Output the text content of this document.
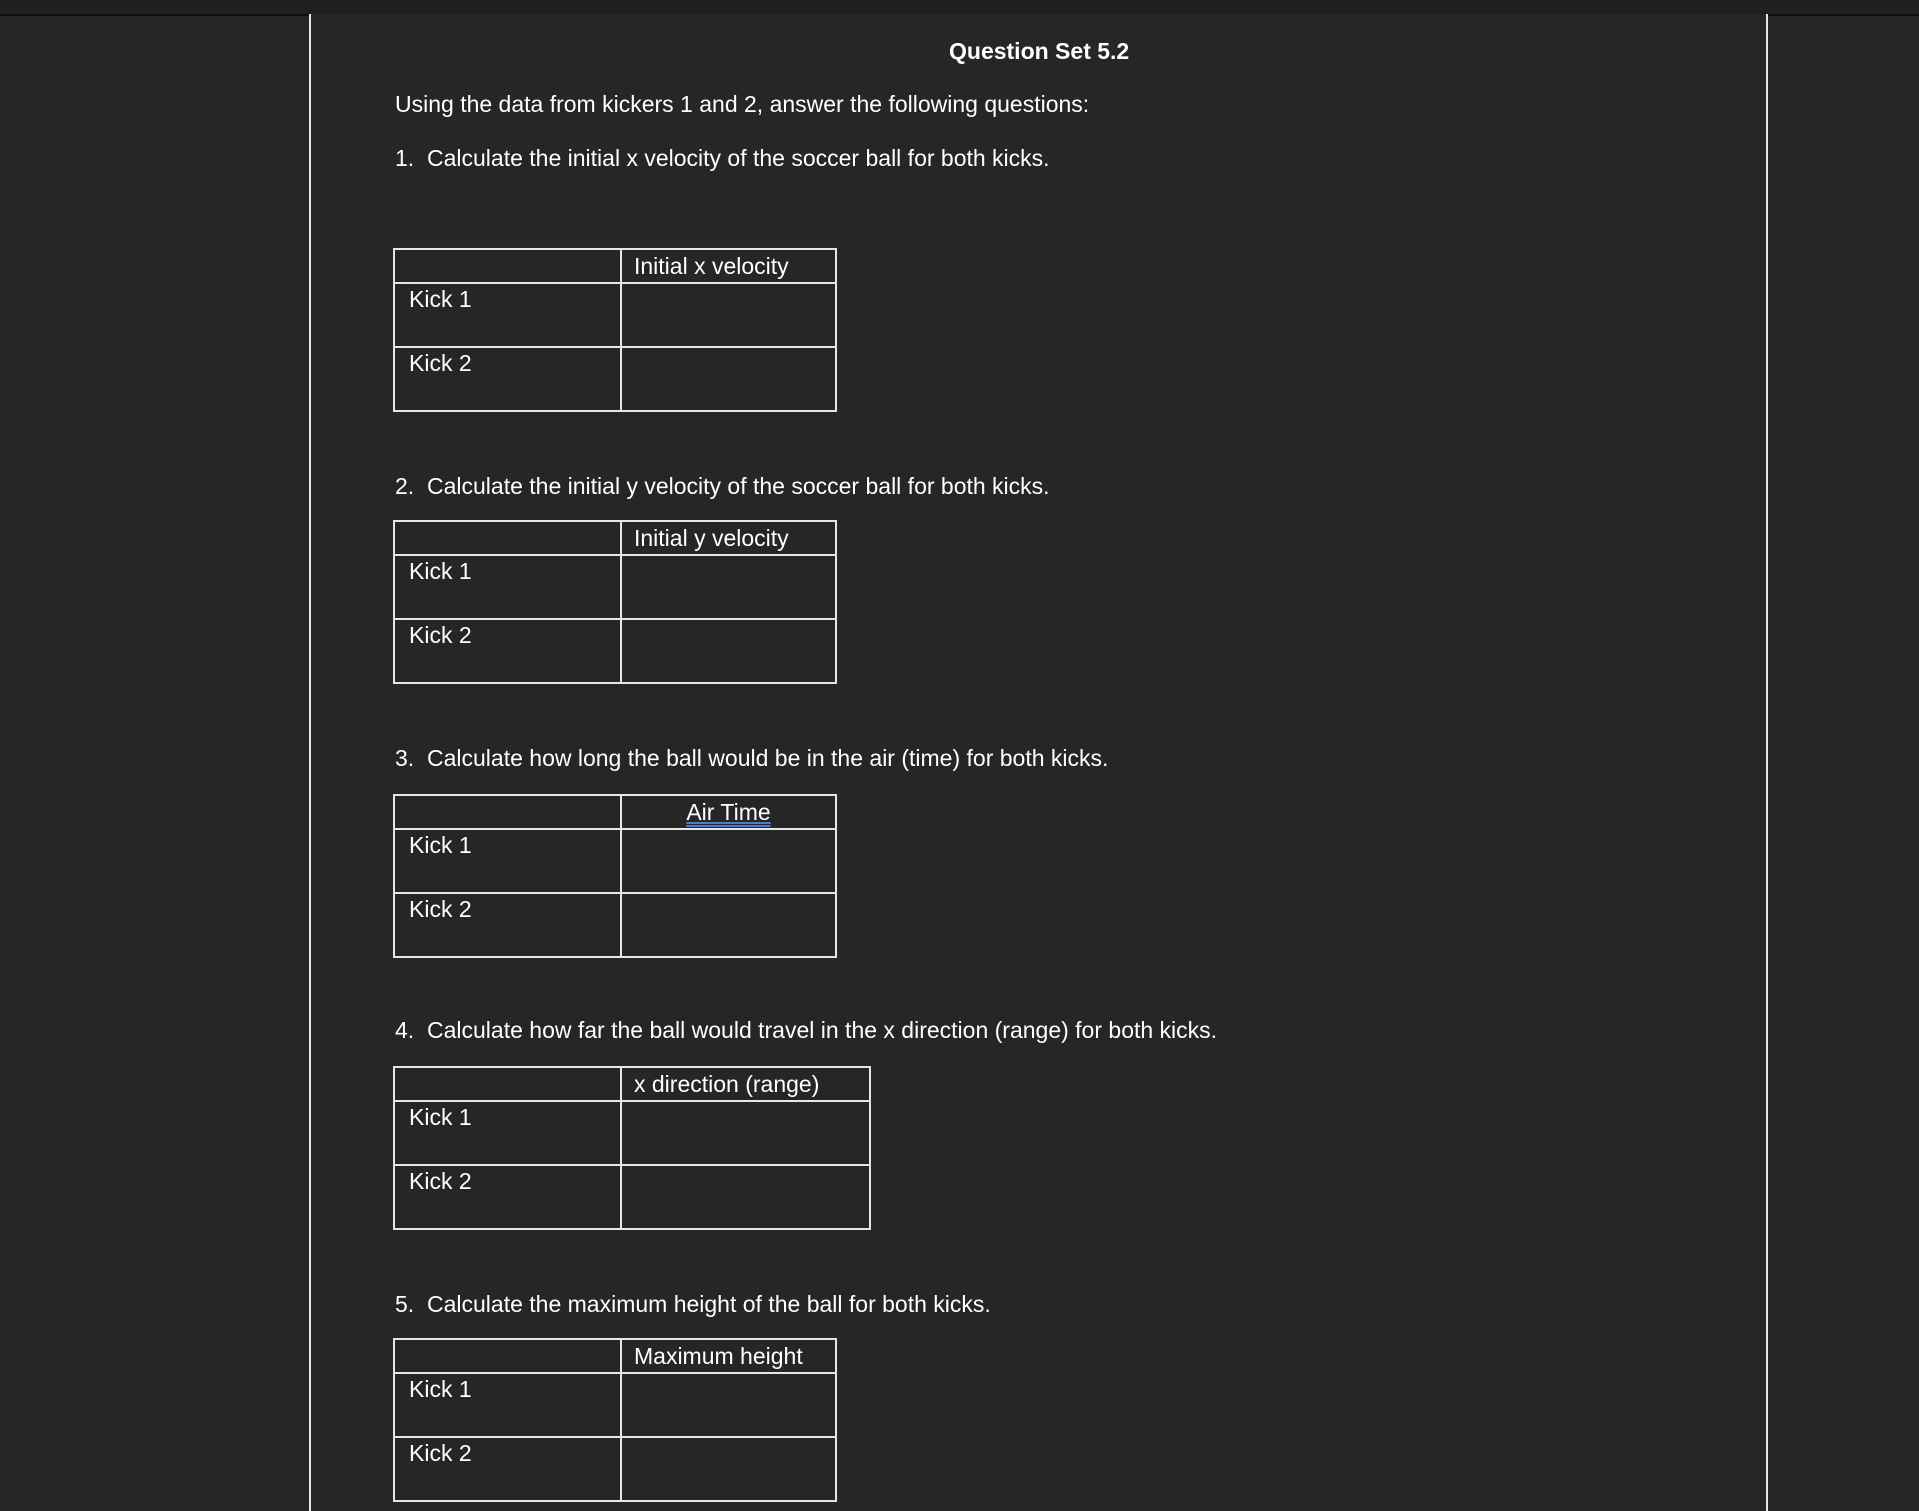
Question Set 5.2
Using the data from kickers 1 and 2, answer the following questions:
1. Calculate the initial x velocity of the soccer ball for both kicks.
	Initial x velocity
Kick 1	
Kick 2	
2. Calculate the initial y velocity of the soccer ball for both kicks.
	Initial y velocity
Kick 1	
Kick 2	
3. Calculate how long the ball would be in the air (time) for both kicks.
	Air Time
Kick 1	
Kick 2	
4. Calculate how far the ball would travel in the x direction (range) for both kicks.
	x direction (range)
Kick 1	
Kick 2	
5. Calculate the maximum height of the ball for both kicks.
	Maximum height
Kick 1	
Kick 2	
